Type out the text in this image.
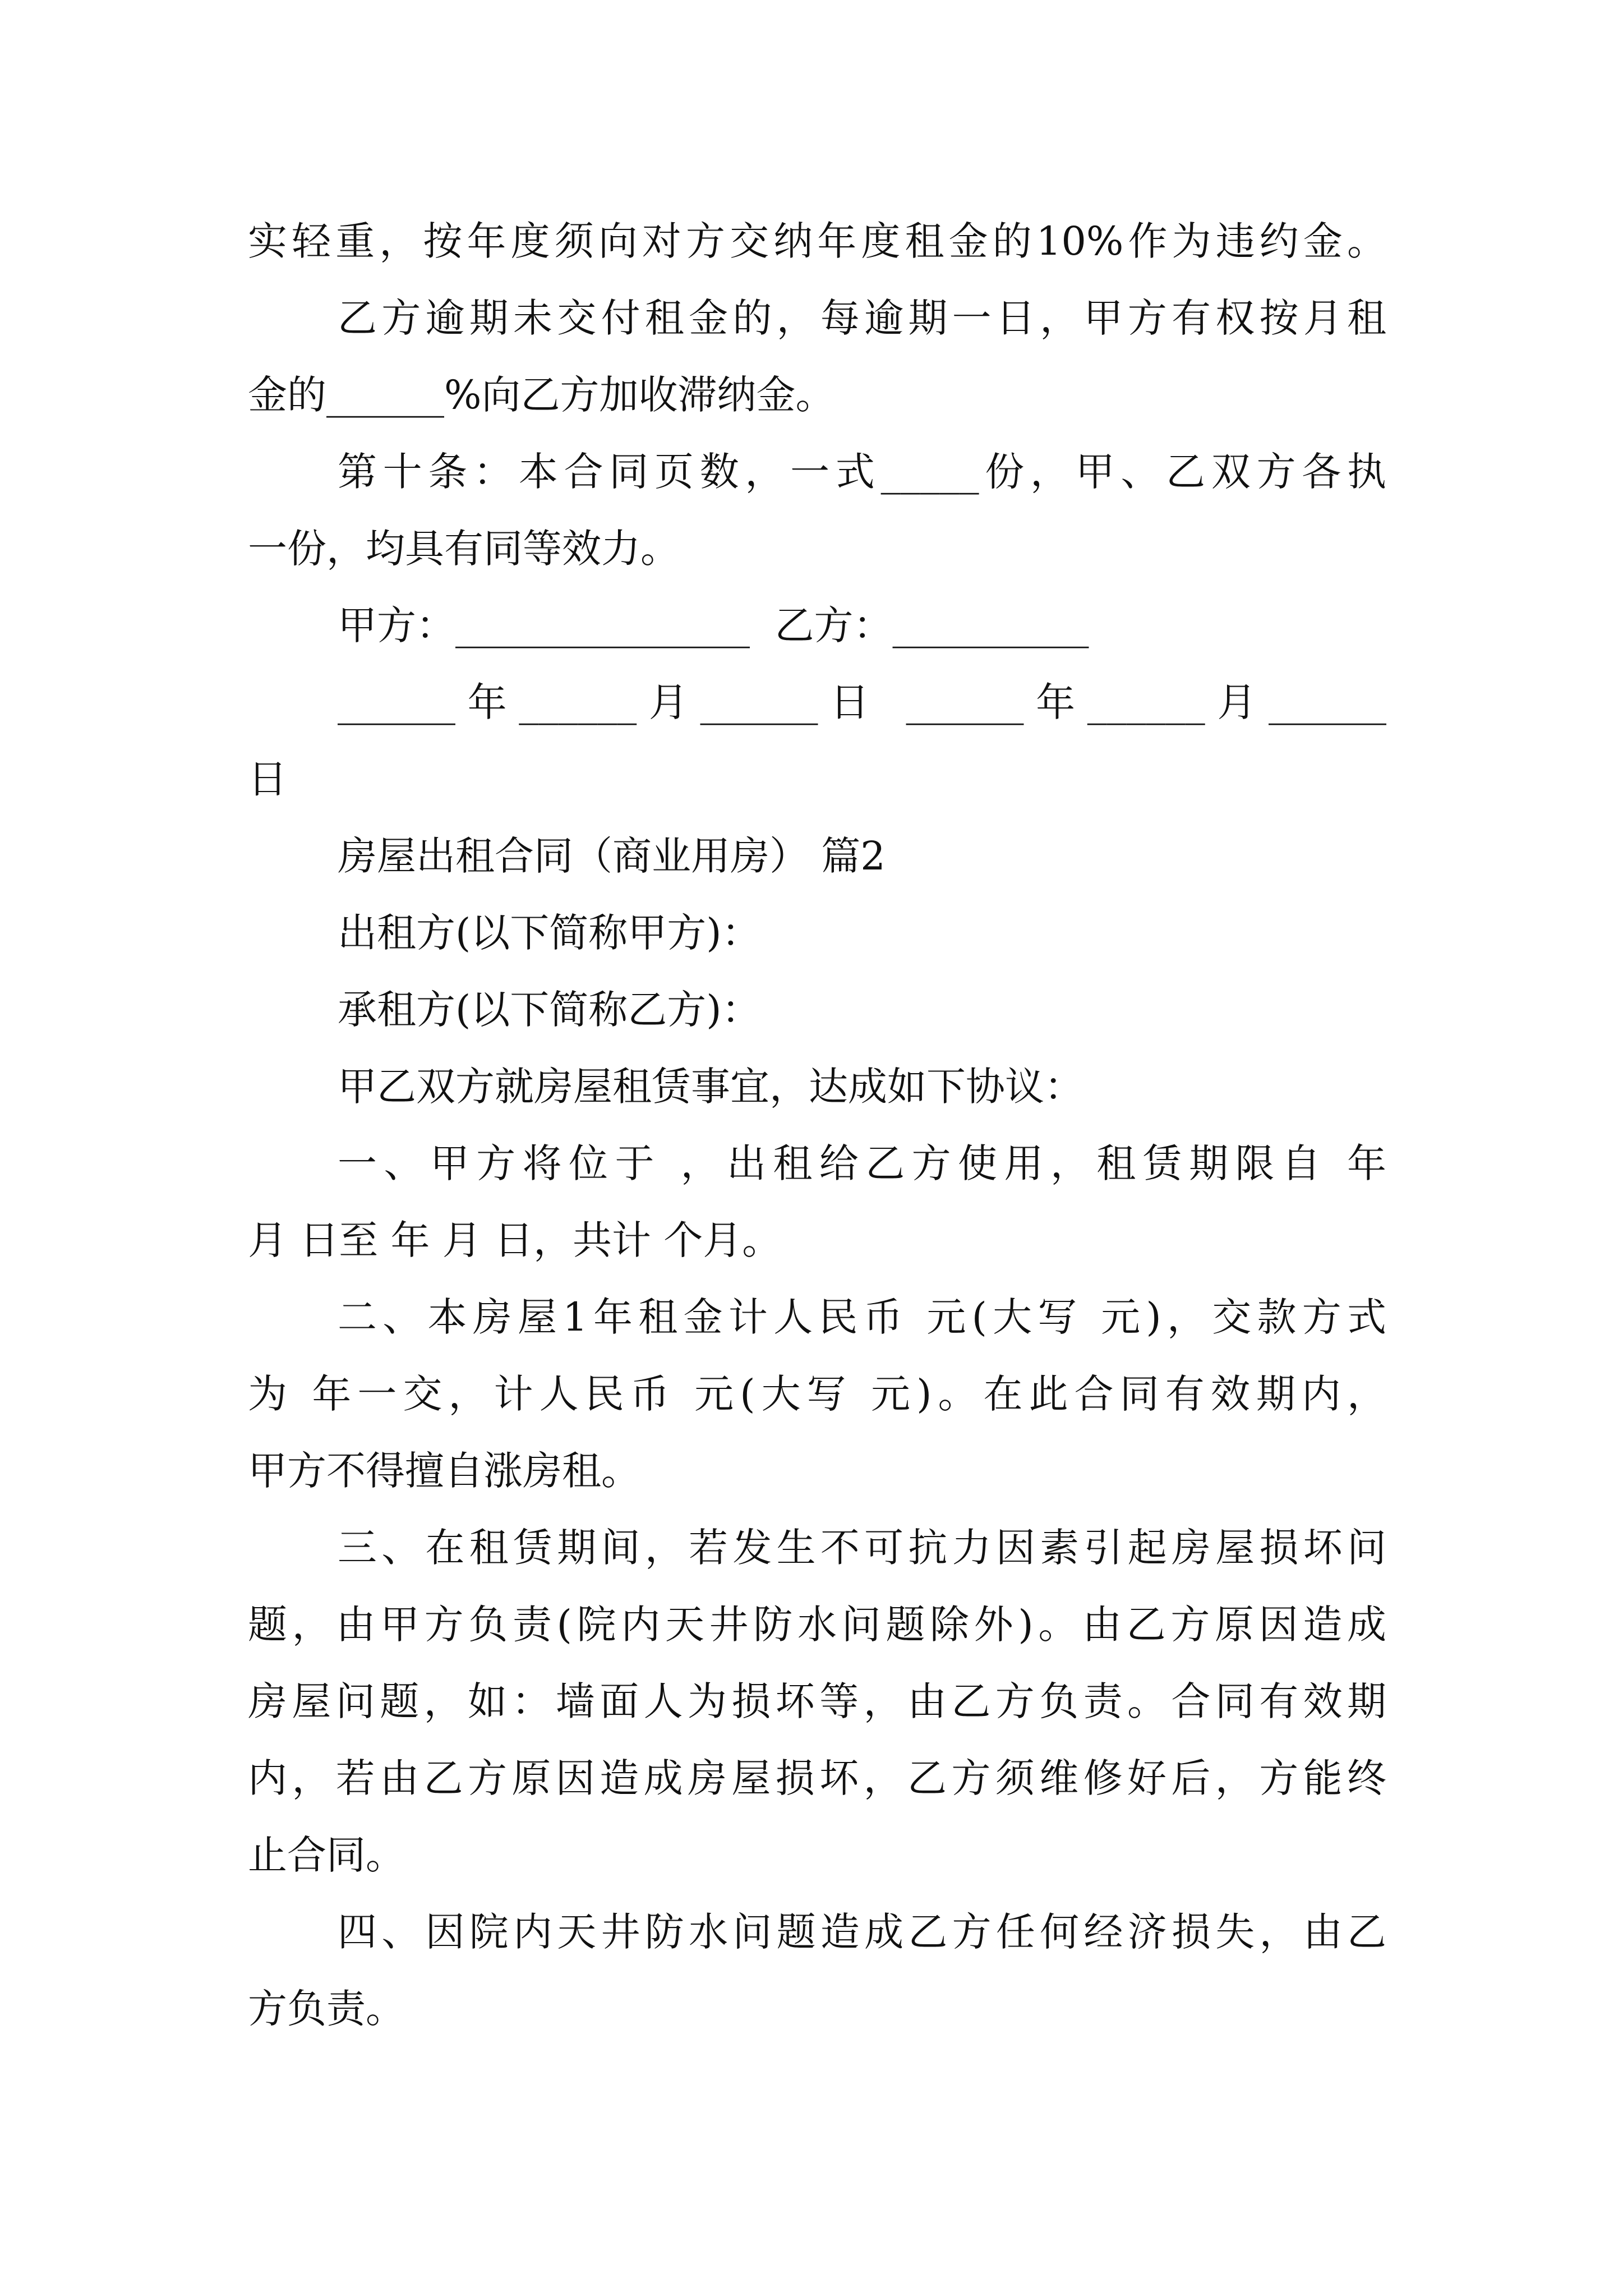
实轻重，按年度须向对方交纳年度租金的10%作为违约金。
乙方逾期未交付租金的，每逾期一日，甲方有权按月租
金的______%向乙方加收滞纳金。
第十条：本合同页数，一式_____份，甲、乙双方各执
一份，均具有同等效力。
甲方：_______________  乙方：__________
______年______月______日 ______年______月______
日
房屋出租合同（商业用房） 篇2
出租方(以下简称甲方)：
承租方(以下简称乙方)：
甲乙双方就房屋租赁事宜，达成如下协议：
一、甲方将位于 ，出租给乙方使用，租赁期限自 年
月 日至 年 月 日，共计 个月。
二、本房屋1年租金计人民币 元(大写 元)，交款方式
为 年一交，计人民币 元(大写 元)。在此合同有效期内，
甲方不得擅自涨房租。
三、在租赁期间，若发生不可抗力因素引起房屋损坏问
题，由甲方负责(院内天井防水问题除外)。由乙方原因造成
房屋问题，如：墙面人为损坏等，由乙方负责。合同有效期
内，若由乙方原因造成房屋损坏，乙方须维修好后，方能终
止合同。
四、因院内天井防水问题造成乙方任何经济损失，由乙
方负责。
